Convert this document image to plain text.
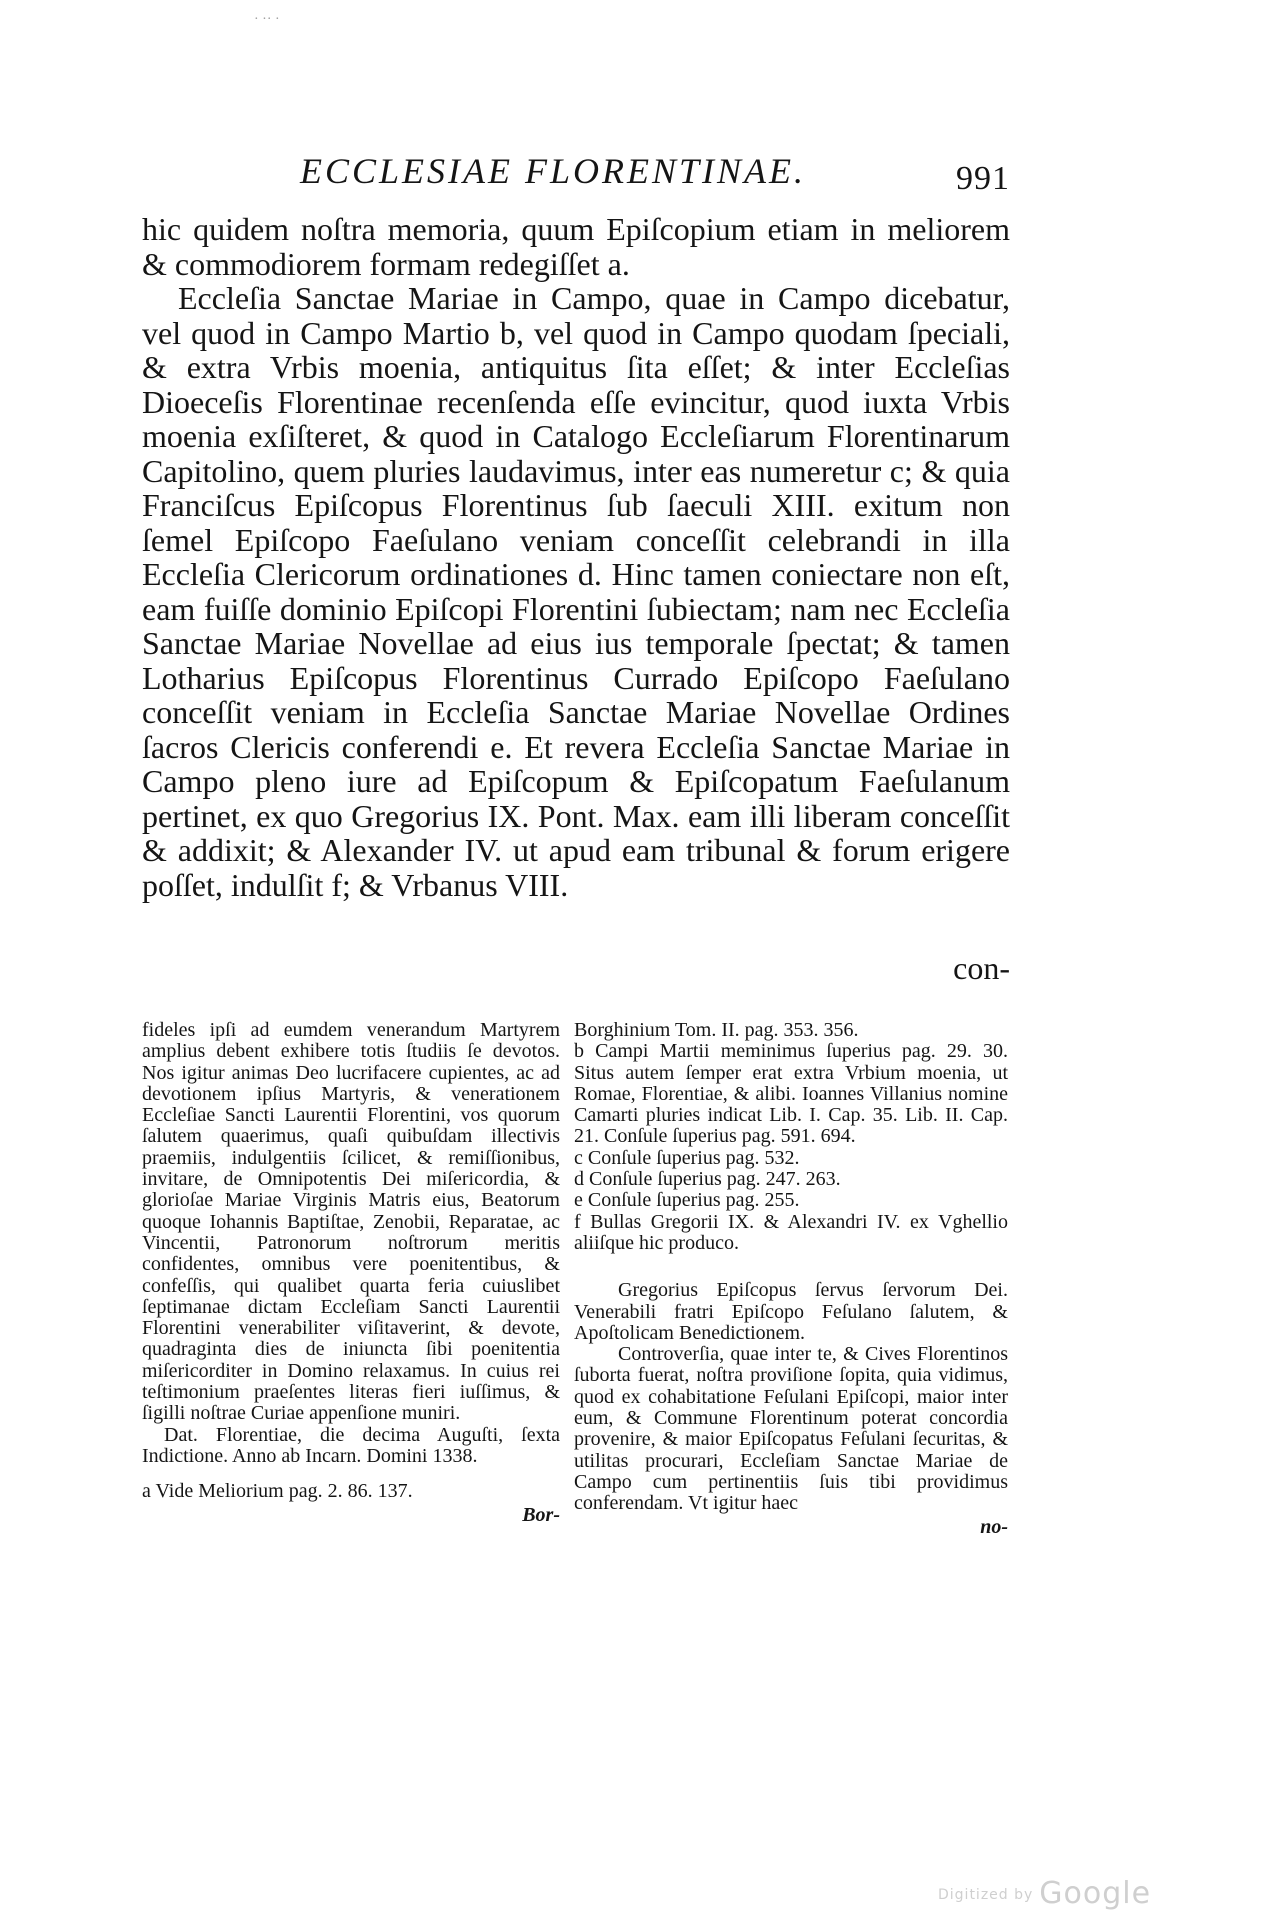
· ·· ·
ECCLESIAE FLORENTINAE.	991

hic quidem noſtra memoria, quum Epiſcopium etiam in meliorem & commodiorem formam redegiſſet a.

Eccleſia Sanctae Mariae in Campo, quae in Campo dicebatur, vel quod in Campo Martio b, vel quod in Campo quodam ſpeciali, & extra Vrbis moenia, antiquitus ſita eſſet; & inter Eccleſias Dioeceſis Florentinae recenſenda eſſe evincitur, quod iuxta Vrbis moenia exſiſteret, & quod in Catalogo Eccleſiarum Florentinarum Capitolino, quem pluries laudavimus, inter eas numeretur c; & quia Franciſcus Epiſcopus Florentinus ſub ſaeculi XIII. exitum non ſemel Epiſcopo Faeſulano veniam conceſſit celebrandi in illa Eccleſia Clericorum ordinationes d. Hinc tamen coniectare non eſt, eam fuiſſe dominio Epiſcopi Florentini ſubiectam; nam nec Eccleſia Sanctae Mariae Novellae ad eius ius temporale ſpectat; & tamen Lotharius Epiſcopus Florentinus Currado Epiſcopo Faeſulano conceſſit veniam in Eccleſia Sanctae Mariae Novellae Ordines ſacros Clericis conferendi e. Et revera Eccleſia Sanctae Mariae in Campo pleno iure ad Epiſcopum & Epiſcopatum Faeſulanum pertinet, ex quo Gregorius IX. Pont. Max. eam illi liberam conceſſit & addixit; & Alexander IV. ut apud eam tribunal & forum erigere poſſet, indulſit f; & Vrbanus VIII.

con-

fideles ipſi ad eumdem venerandum Martyrem amplius debent exhibere totis ſtudiis ſe devotos. Nos igitur animas Deo lucrifacere cupientes, ac ad devotionem ipſius Martyris, & venerationem Eccleſiae Sancti Laurentii Florentini, vos quorum ſalutem quaerimus, quaſi quibuſdam illectivis praemiis, indulgentiis ſcilicet, & remiſſionibus, invitare, de Omnipotentis Dei miſericordia, & glorioſae Mariae Virginis Matris eius, Beatorum quoque Iohannis Baptiſtae, Zenobii, Reparatae, ac Vincentii, Patronorum noſtrorum meritis confidentes, omnibus vere poenitentibus, & confeſſis, qui qualibet quarta feria cuiuslibet ſeptimanae dictam Eccleſiam Sancti Laurentii Florentini venerabiliter viſitaverint, & devote, quadraginta dies de iniuncta ſibi poenitentia miſericorditer in Domino relaxamus. In cuius rei teſtimonium praeſentes literas fieri iuſſimus, & ſigilli noſtrae Curiae appenſione muniri.

Dat. Florentiae, die decima Auguſti, ſexta Indictione. Anno ab Incarn. Domini 1338.

a Vide Meliorium pag. 2. 86. 137.

Bor-

Borghinium Tom. II. pag. 353. 356.
b Campi Martii meminimus ſuperius pag. 29. 30. Situs autem ſemper erat extra Vrbium moenia, ut Romae, Florentiae, & alibi. Ioannes Villanius nomine Camarti pluries indicat Lib. I. Cap. 35. Lib. II. Cap. 21. Conſule ſuperius pag. 591. 694.
c Conſule ſuperius pag. 532.
d Conſule ſuperius pag. 247. 263.
e Conſule ſuperius pag. 255.
f Bullas Gregorii IX. & Alexandri IV. ex Vghellio aliiſque hic produco.

Gregorius Epiſcopus ſervus ſervorum Dei. Venerabili fratri Epiſcopo Feſulano ſalutem, & Apoſtolicam Benedictionem.

Controverſia, quae inter te, & Cives Florentinos ſuborta fuerat, noſtra proviſione ſopita, quia vidimus, quod ex cohabitatione Feſulani Epiſcopi, maior inter eum, & Commune Florentinum poterat concordia provenire, & maior Epiſcopatus Feſulani ſecuritas, & utilitas procurari, Eccleſiam Sanctae Mariae de Campo cum pertinentiis ſuis tibi providimus conferendam. Vt igitur haec

no-

Digitized by Google
